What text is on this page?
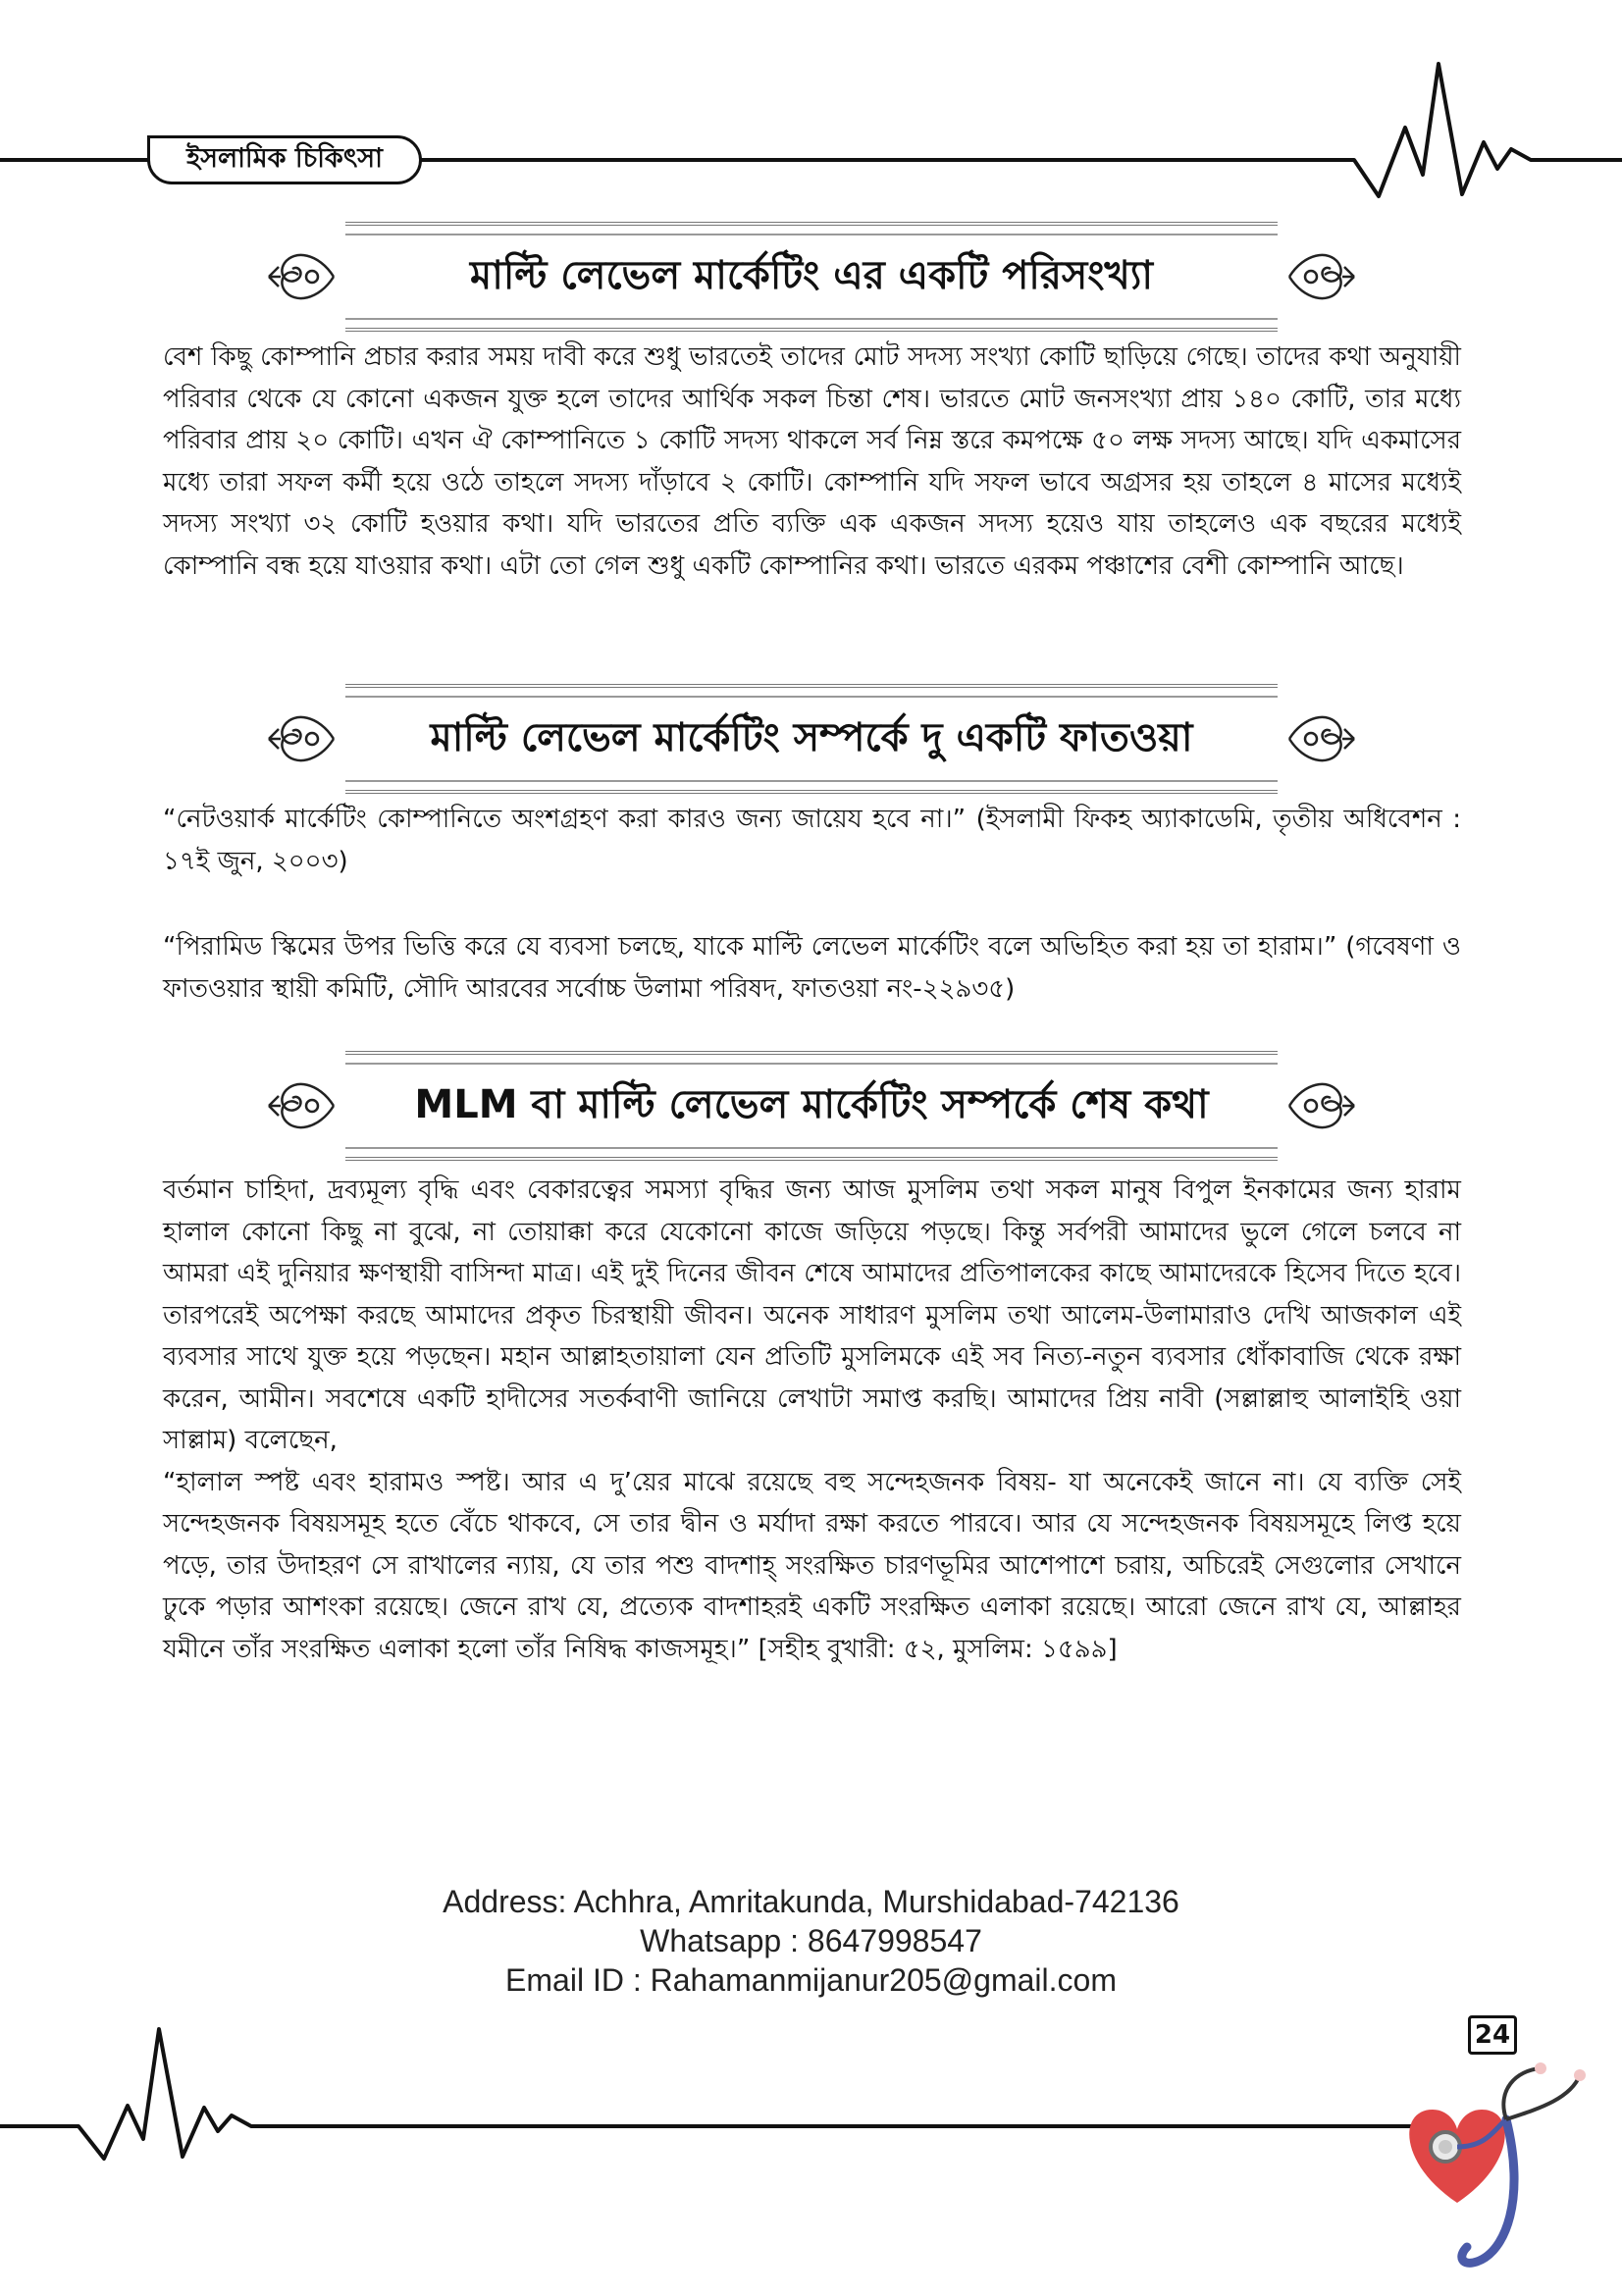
ইসলামিক চিকিৎসা
মাল্টি লেভেল মার্কেটিং এর একটি পরিসংখ্যা

বেশ কিছু কোম্পানি প্রচার করার সময় দাবী করে শুধু ভারতেই তাদের মোট সদস্য সংখ্যা কোটি ছাড়িয়ে গেছে। তাদের কথা অনুযায়ী পরিবার থেকে যে কোনো একজন যুক্ত হলে তাদের আর্থিক সকল চিন্তা শেষ। ভারতে মোট জনসংখ্যা প্রায় ১৪০ কোটি, তার মধ্যে পরিবার প্রায় ২০ কোটি। এখন ঐ কোম্পানিতে ১ কোটি সদস্য থাকলে সর্ব নিম্ন স্তরে কমপক্ষে ৫০ লক্ষ সদস্য আছে। যদি একমাসের মধ্যে তারা সফল কর্মী হয়ে ওঠে তাহলে সদস্য দাঁড়াবে ২ কোটি। কোম্পানি যদি সফল ভাবে অগ্রসর হয় তাহলে ৪ মাসের মধ্যেই সদস্য সংখ্যা ৩২ কোটি হওয়ার কথা। যদি ভারতের প্রতি ব্যক্তি এক একজন সদস্য হয়েও যায় তাহলেও এক বছরের মধ্যেই কোম্পানি বন্ধ হয়ে যাওয়ার কথা। এটা তো গেল শুধু একটি কোম্পানির কথা। ভারতে এরকম পঞ্চাশের বেশী কোম্পানি আছে।

মাল্টি লেভেল মার্কেটিং সম্পর্কে দু একটি ফাতওয়া

“নেটওয়ার্ক মার্কেটিং কোম্পানিতে অংশগ্রহণ করা কারও জন্য জায়েয হবে না।” (ইসলামী ফিকহ অ্যাকাডেমি, তৃতীয় অধিবেশন : ১৭ই জুন, ২০০৩)

“পিরামিড স্কিমের উপর ভিত্তি করে যে ব্যবসা চলছে, যাকে মাল্টি লেভেল মার্কেটিং বলে অভিহিত করা হয় তা হারাম।” (গবেষণা ও ফাতওয়ার স্থায়ী কমিটি, সৌদি আরবের সর্বোচ্চ উলামা পরিষদ, ফাতওয়া নং-২২৯৩৫)

MLM বা মাল্টি লেভেল মার্কেটিং সম্পর্কে শেষ কথা

বর্তমান চাহিদা, দ্রব্যমূল্য বৃদ্ধি এবং বেকারত্বের সমস্যা বৃদ্ধির জন্য আজ মুসলিম তথা সকল মানুষ বিপুল ইনকামের জন্য হারাম হালাল কোনো কিছু না বুঝে, না তোয়াক্কা করে যেকোনো কাজে জড়িয়ে পড়ছে। কিন্তু সর্বপরী আমাদের ভুলে গেলে চলবে না আমরা এই দুনিয়ার ক্ষণস্থায়ী বাসিন্দা মাত্র। এই দুই দিনের জীবন শেষে আমাদের প্রতিপালকের কাছে আমাদেরকে হিসেব দিতে হবে। তারপরেই অপেক্ষা করছে আমাদের প্রকৃত চিরস্থায়ী জীবন। অনেক সাধারণ মুসলিম তথা আলেম-উলামারাও দেখি আজকাল এই ব্যবসার সাথে যুক্ত হয়ে পড়ছেন। মহান আল্লাহতায়ালা যেন প্রতিটি মুসলিমকে এই সব নিত্য-নতুন ব্যবসার ধোঁকাবাজি থেকে রক্ষা করেন, আমীন। সবশেষে একটি হাদীসের সতর্কবাণী জানিয়ে লেখাটা সমাপ্ত করছি। আমাদের প্রিয় নাবী (সল্লাল্লাহু আলাইহি ওয়া সাল্লাম) বলেছেন,

“হালাল স্পষ্ট এবং হারামও স্পষ্ট। আর এ দু’য়ের মাঝে রয়েছে বহু সন্দেহজনক বিষয়- যা অনেকেই জানে না। যে ব্যক্তি সেই সন্দেহজনক বিষয়সমূহ হতে বেঁচে থাকবে, সে তার দ্বীন ও মর্যাদা রক্ষা করতে পারবে। আর যে সন্দেহজনক বিষয়সমূহে লিপ্ত হয়ে পড়ে, তার উদাহরণ সে রাখালের ন্যায়, যে তার পশু বাদশাহ্ সংরক্ষিত চারণভূমির আশেপাশে চরায়, অচিরেই সেগুলোর সেখানে ঢুকে পড়ার আশংকা রয়েছে। জেনে রাখ যে, প্রত্যেক বাদশাহরই একটি সংরক্ষিত এলাকা রয়েছে। আরো জেনে রাখ যে, আল্লাহর যমীনে তাঁর সংরক্ষিত এলাকা হলো তাঁর নিষিদ্ধ কাজসমূহ।” [সহীহ বুখারী: ৫২, মুসলিম: ১৫৯৯]

Address: Achhra, Amritakunda, Murshidabad-742136
Whatsapp : 8647998547
Email ID : Rahamanmijanur205@gmail.com
24
